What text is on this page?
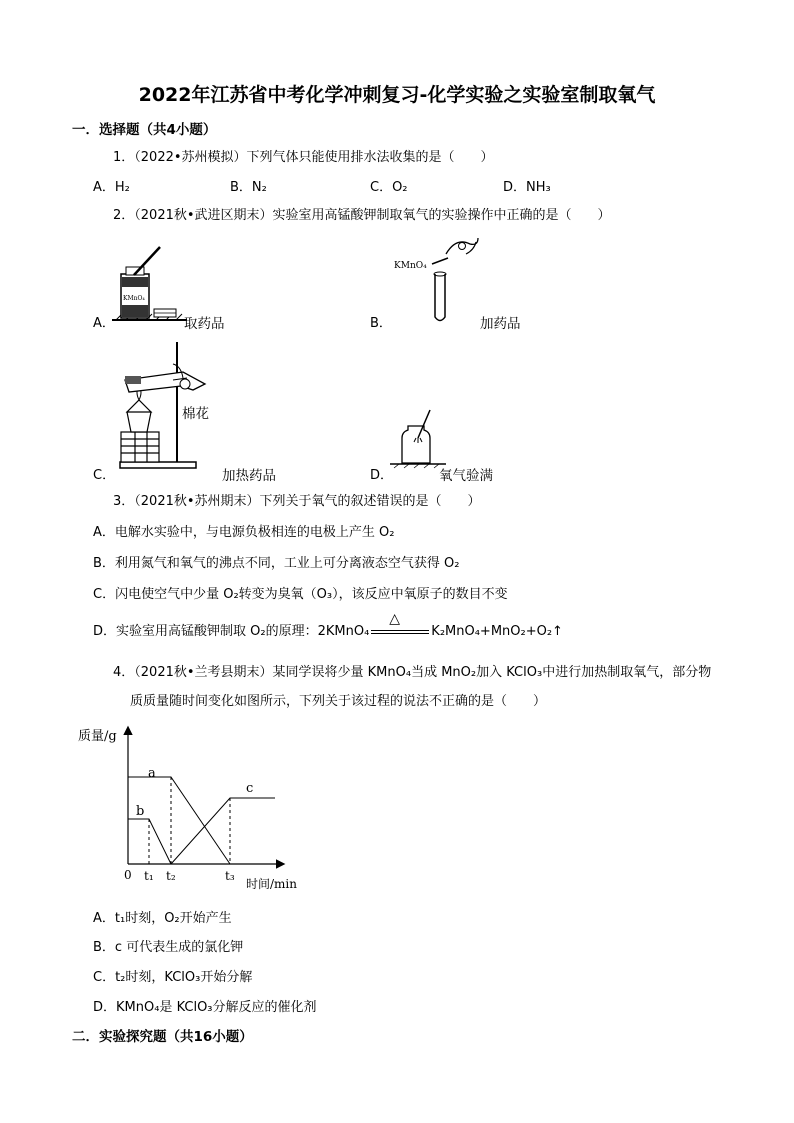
2022年江苏省中考化学冲刺复习-化学实验之实验室制取氧气
一．选择题（共4小题）
1．（2022•苏州模拟）下列气体只能使用排水法收集的是（　　）
A．H₂	B．N₂	C．O₂	D．NH₃
2．（2021秋•武进区期末）实验室用高锰酸钾制取氧气的实验操作中正确的是（　　）
A．
KMnO₄
取药品	B．
KMnO₄
加药品
C．
棉花
加热药品	D．	氧气验满
3．（2021秋•苏州期末）下列关于氧气的叙述错误的是（　　）
A．电解水实验中，与电源负极相连的电极上产生 O₂
B．利用氮气和氧气的沸点不同，工业上可分离液态空气获得 O₂
C．闪电使空气中少量 O₂转变为臭氧（O₃），该反应中氧原子的数目不变
D．实验室用高锰酸钾制取 O₂的原理：2KMnO₄
△
K₂MnO₄+MnO₂+O₂↑
4．（2021秋•兰考县期末）某同学误将少量 KMnO₄当成 MnO₂加入 KClO₃中进行加热制取氧气，部分物
质质量随时间变化如图所示，下列关于该过程的说法不正确的是（　　）
质量/g
时间/min
0 t₁ t₂	t₃
a
b
c
A．t₁时刻，O₂开始产生
B．c 可代表生成的氯化钾
C．t₂时刻，KClO₃开始分解
D．KMnO₄是 KClO₃分解反应的催化剂
二．实验探究题（共16小题）
